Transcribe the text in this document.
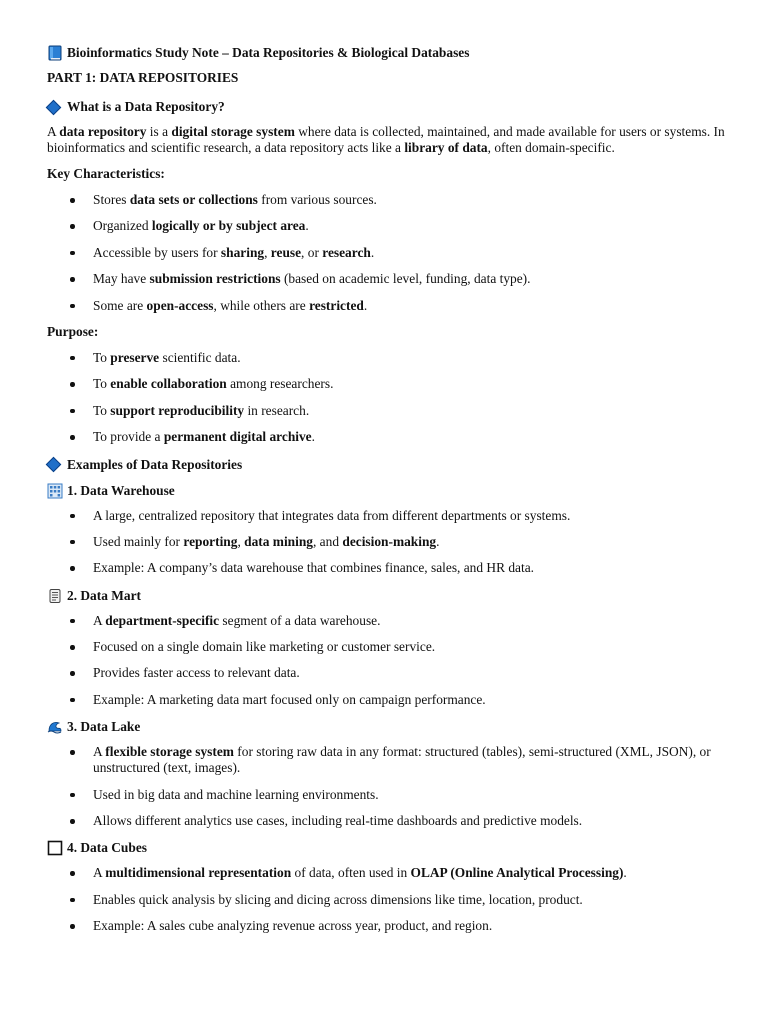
Bioinformatics Study Note – Data Repositories & Biological Databases
PART 1: DATA REPOSITORIES
What is a Data Repository?
A data repository is a digital storage system where data is collected, maintained, and made available for users or systems. In bioinformatics and scientific research, a data repository acts like a library of data, often domain-specific.
Key Characteristics:
Stores data sets or collections from various sources.
Organized logically or by subject area.
Accessible by users for sharing, reuse, or research.
May have submission restrictions (based on academic level, funding, data type).
Some are open-access, while others are restricted.
Purpose:
To preserve scientific data.
To enable collaboration among researchers.
To support reproducibility in research.
To provide a permanent digital archive.
Examples of Data Repositories
1. Data Warehouse
A large, centralized repository that integrates data from different departments or systems.
Used mainly for reporting, data mining, and decision-making.
Example: A company’s data warehouse that combines finance, sales, and HR data.
2. Data Mart
A department-specific segment of a data warehouse.
Focused on a single domain like marketing or customer service.
Provides faster access to relevant data.
Example: A marketing data mart focused only on campaign performance.
3. Data Lake
A flexible storage system for storing raw data in any format: structured (tables), semi-structured (XML, JSON), or unstructured (text, images).
Used in big data and machine learning environments.
Allows different analytics use cases, including real-time dashboards and predictive models.
4. Data Cubes
A multidimensional representation of data, often used in OLAP (Online Analytical Processing).
Enables quick analysis by slicing and dicing across dimensions like time, location, product.
Example: A sales cube analyzing revenue across year, product, and region.
